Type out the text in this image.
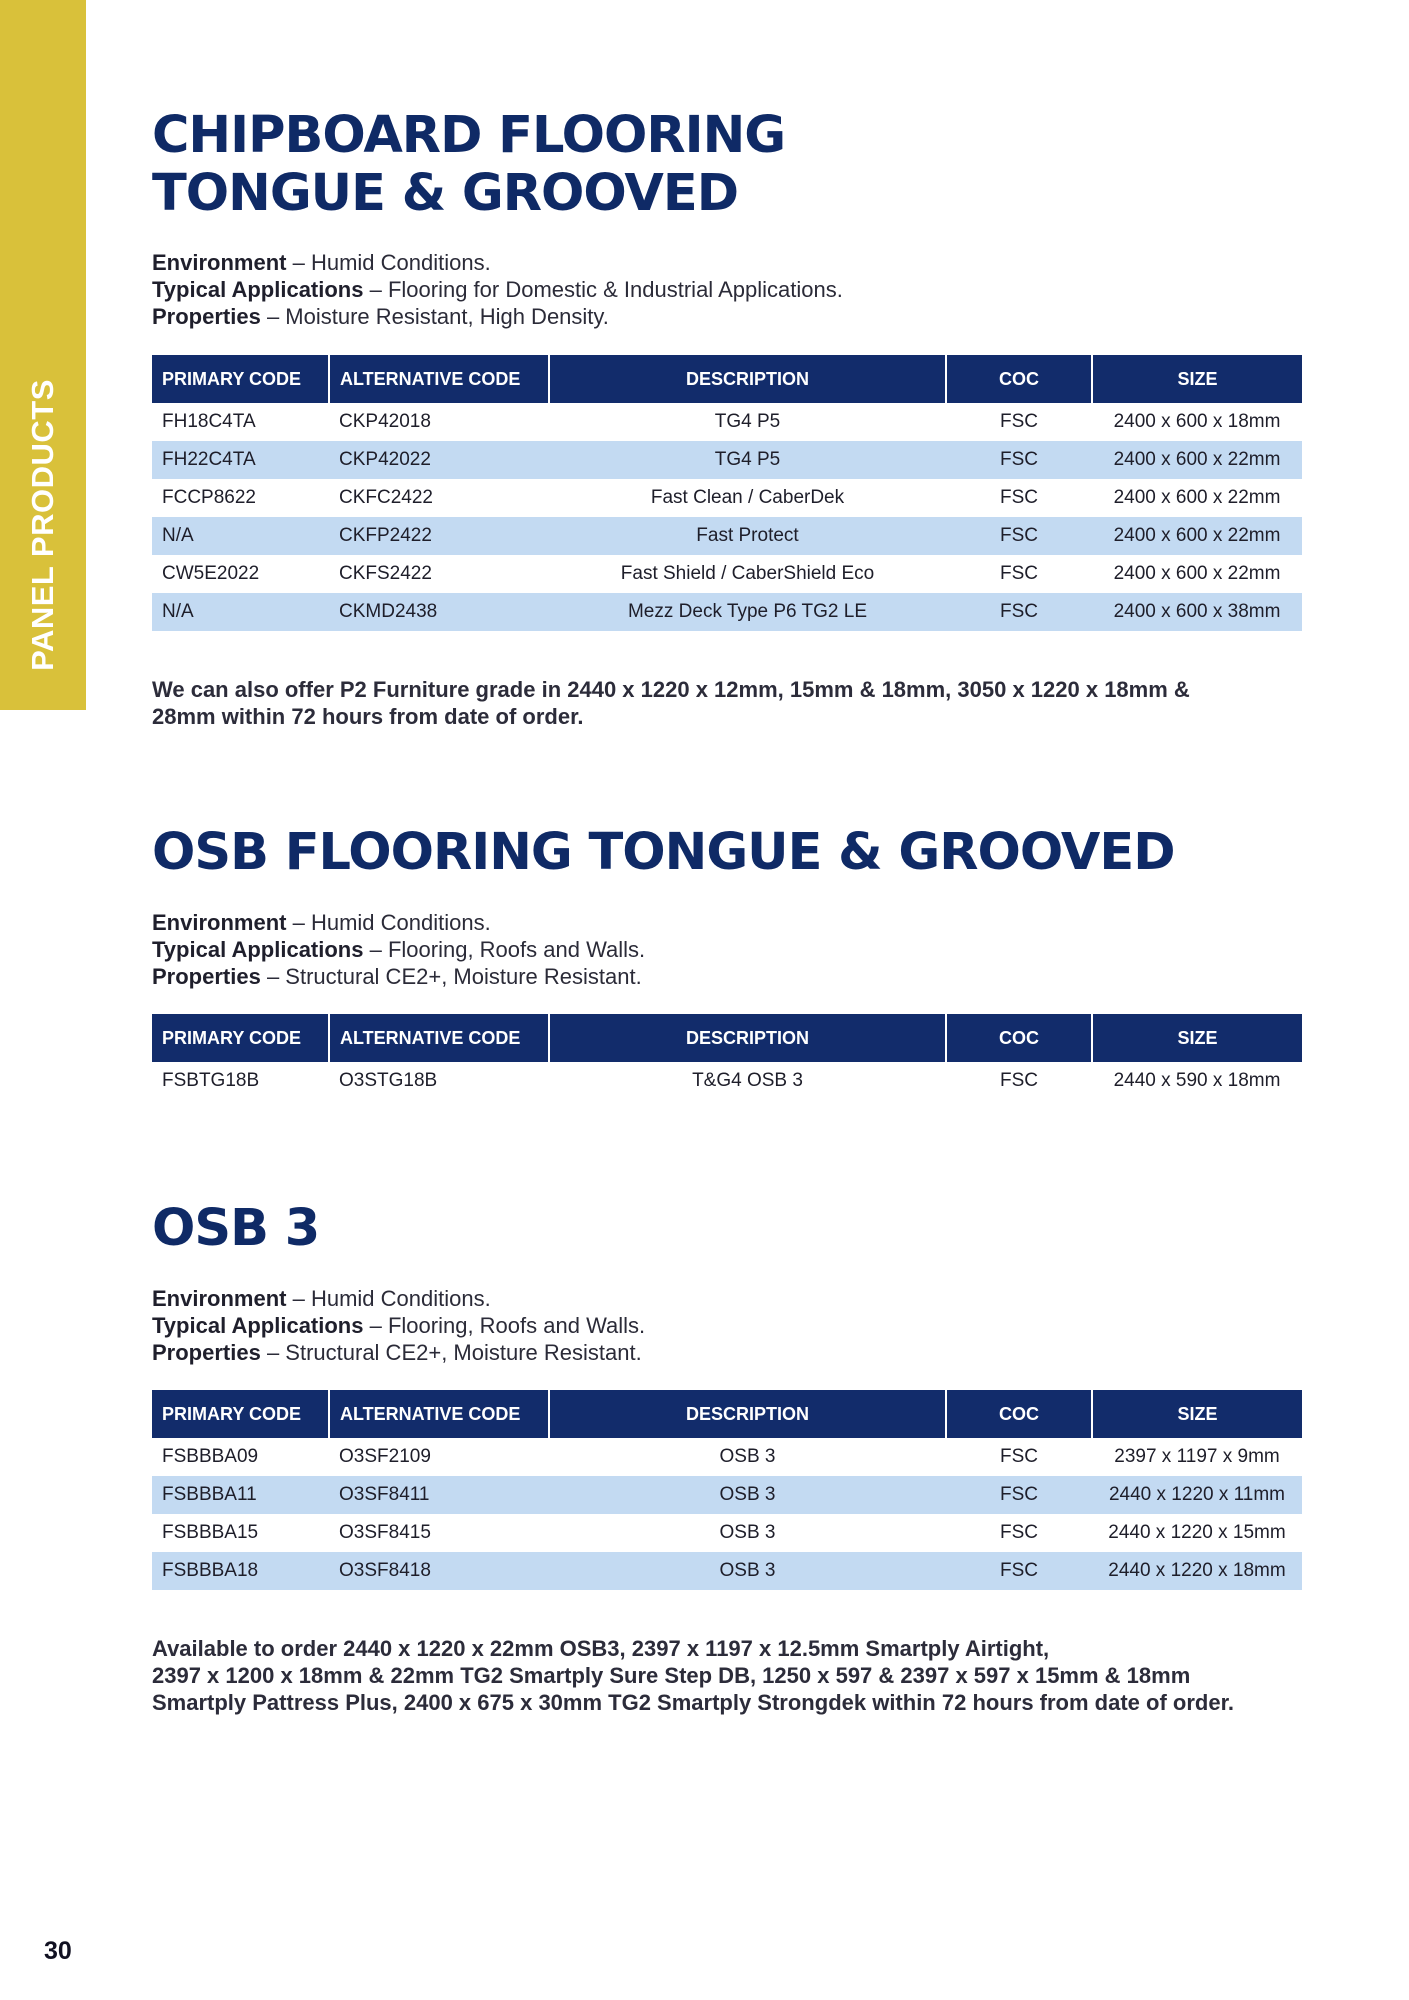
PANEL PRODUCTS
CHIPBOARD FLOORING
TONGUE & GROOVED
Environment – Humid Conditions.
Typical Applications – Flooring for Domestic & Industrial Applications.
Properties – Moisture Resistant, High Density.
PRIMARY CODE	ALTERNATIVE CODE	DESCRIPTION	COC	SIZE
FH18C4TA	CKP42018	TG4 P5	FSC	2400 x 600 x 18mm
FH22C4TA	CKP42022	TG4 P5	FSC	2400 x 600 x 22mm
FCCP8622	CKFC2422	Fast Clean / CaberDek	FSC	2400 x 600 x 22mm
N/A	CKFP2422	Fast Protect	FSC	2400 x 600 x 22mm
CW5E2022	CKFS2422	Fast Shield / CaberShield Eco	FSC	2400 x 600 x 22mm
N/A	CKMD2438	Mezz Deck Type P6 TG2 LE	FSC	2400 x 600 x 38mm
We can also offer P2 Furniture grade in 2440 x 1220 x 12mm, 15mm & 18mm, 3050 x 1220 x 18mm &
28mm within 72 hours from date of order.
OSB FLOORING TONGUE & GROOVED
Environment – Humid Conditions.
Typical Applications – Flooring, Roofs and Walls.
Properties – Structural CE2+, Moisture Resistant.
PRIMARY CODE	ALTERNATIVE CODE	DESCRIPTION	COC	SIZE
FSBTG18B	O3STG18B	T&G4 OSB 3	FSC	2440 x 590 x 18mm
OSB 3
Environment – Humid Conditions.
Typical Applications – Flooring, Roofs and Walls.
Properties – Structural CE2+, Moisture Resistant.
PRIMARY CODE	ALTERNATIVE CODE	DESCRIPTION	COC	SIZE
FSBBBA09	O3SF2109	OSB 3	FSC	2397 x 1197 x 9mm
FSBBBA11	O3SF8411	OSB 3	FSC	2440 x 1220 x 11mm
FSBBBA15	O3SF8415	OSB 3	FSC	2440 x 1220 x 15mm
FSBBBA18	O3SF8418	OSB 3	FSC	2440 x 1220 x 18mm
Available to order 2440 x 1220 x 22mm OSB3, 2397 x 1197 x 12.5mm Smartply Airtight,
2397 x 1200 x 18mm & 22mm TG2 Smartply Sure Step DB, 1250 x 597 & 2397 x 597 x 15mm & 18mm
Smartply Pattress Plus, 2400 x 675 x 30mm TG2 Smartply Strongdek within 72 hours from date of order.
30
